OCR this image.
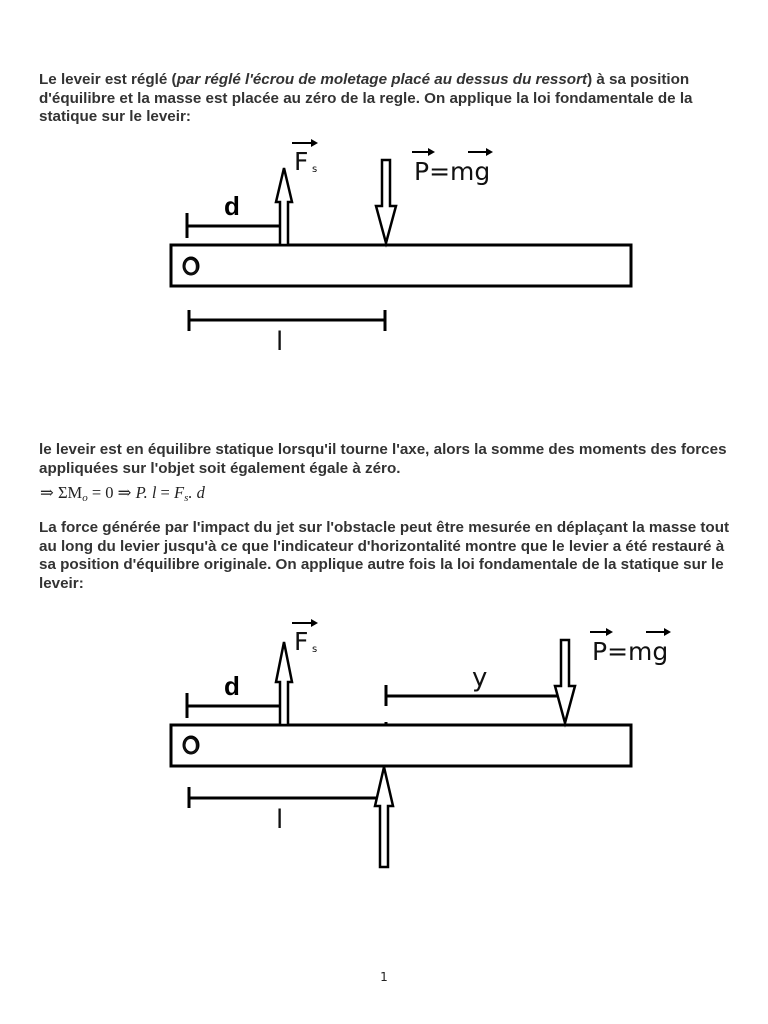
Le leveir est réglé (par réglé l'écrou de moletage placé au dessus du ressort) à sa position d'équilibre et la masse est placée au zéro de la regle. On applique la loi fondamentale de la statique sur le leveir:

d
l
O
F s	P=mg

le leveir est en équilibre statique lorsqu'il tourne l'axe, alors la somme des moments des forces appliquées sur l'objet soit également égale à zéro.

⇒ $\Sigma M_o = 0$ ⇒ P. $l = F_s$. d

La force générée par l'impact du jet sur l'obstacle peut être mesurée en déplaçant la masse tout au long du levier jusqu'à ce que l'indicateur d'horizontalité montre que le levier a été restauré à sa position d'équilibre originale. On applique autre fois la loi fondamentale de la statique sur le leveir:

d
l
y
O
F s	P=mg
1
